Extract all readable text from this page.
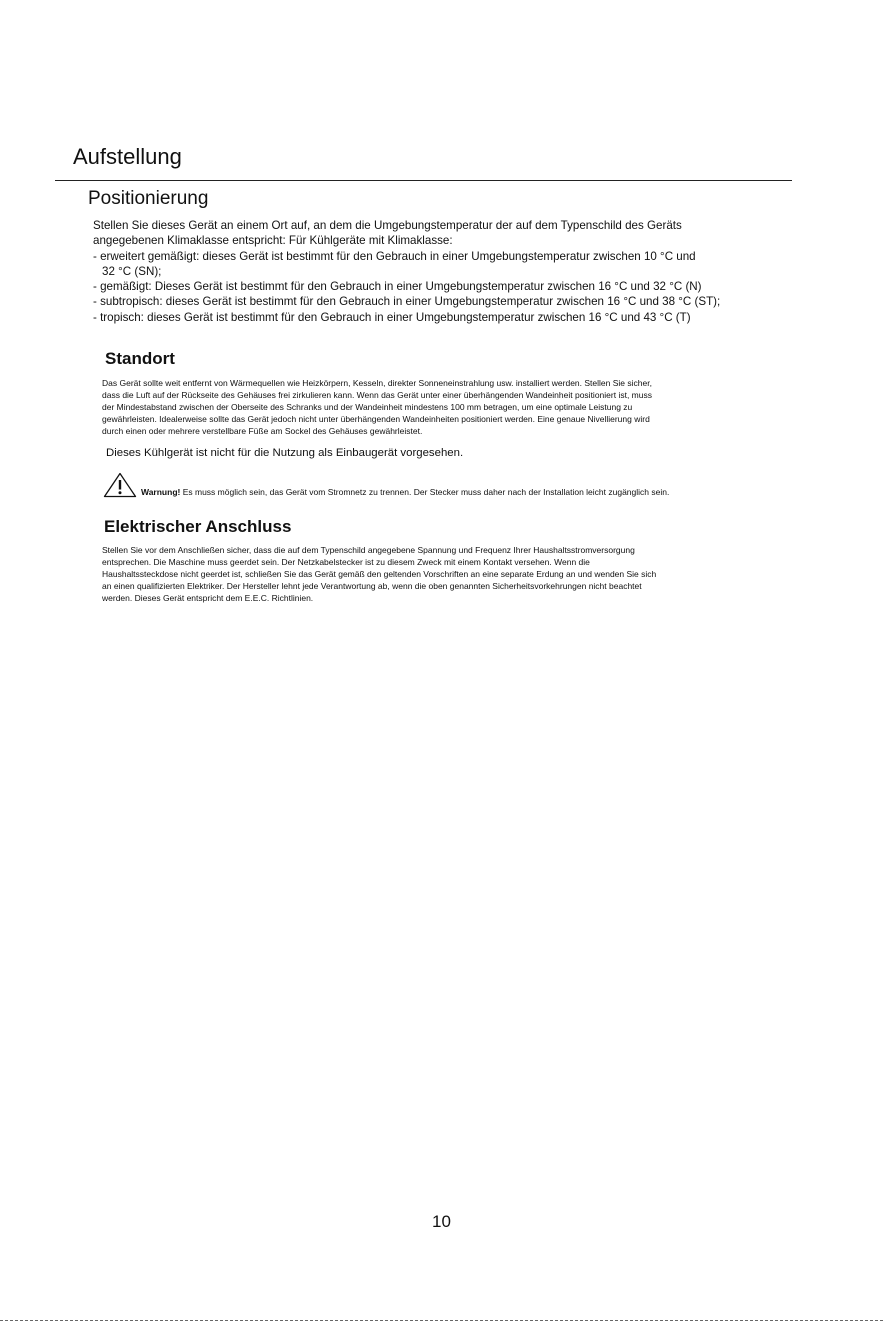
Aufstellung
Positionierung

Stellen Sie dieses Gerät an einem Ort auf, an dem die Umgebungstemperatur der auf dem Typenschild des Geräts

angegebenen Klimaklasse entspricht: Für Kühlgeräte mit Klimaklasse:

- erweitert gemäßigt: dieses Gerät ist bestimmt für den Gebrauch in einer Umgebungstemperatur zwischen 10 °C und 32 °C (SN);

- gemäßigt: Dieses Gerät ist bestimmt für den Gebrauch in einer Umgebungstemperatur zwischen 16 °C und 32 °C (N)

- subtropisch: dieses Gerät ist bestimmt für den Gebrauch in einer Umgebungstemperatur zwischen 16 °C und 38 °C (ST);

- tropisch: dieses Gerät ist bestimmt für den Gebrauch in einer Umgebungstemperatur zwischen 16 °C und 43 °C (T)

Standort

Das Gerät sollte weit entfernt von Wärmequellen wie Heizkörpern, Kesseln, direkter Sonneneinstrahlung usw. installiert werden. Stellen Sie sicher,

dass die Luft auf der Rückseite des Gehäuses frei zirkulieren kann. Wenn das Gerät unter einer überhängenden Wandeinheit positioniert ist, muss

der Mindestabstand zwischen der Oberseite des Schranks und der Wandeinheit mindestens 100 mm betragen, um eine optimale Leistung zu

gewährleisten. Idealerweise sollte das Gerät jedoch nicht unter überhängenden Wandeinheiten positioniert werden. Eine genaue Nivellierung wird

durch einen oder mehrere verstellbare Füße am Sockel des Gehäuses gewährleistet.

Dieses Kühlgerät ist nicht für die Nutzung als Einbaugerät vorgesehen.
Warnung! Es muss möglich sein, das Gerät vom Stromnetz zu trennen. Der Stecker muss daher nach der Installation leicht zugänglich sein.
Elektrischer Anschluss

Stellen Sie vor dem Anschließen sicher, dass die auf dem Typenschild angegebene Spannung und Frequenz Ihrer Haushaltsstromversorgung

entsprechen. Die Maschine muss geerdet sein. Der Netzkabelstecker ist zu diesem Zweck mit einem Kontakt versehen. Wenn die

Haushaltssteckdose nicht geerdet ist, schließen Sie das Gerät gemäß den geltenden Vorschriften an eine separate Erdung an und wenden Sie sich

an einen qualifizierten Elektriker. Der Hersteller lehnt jede Verantwortung ab, wenn die oben genannten Sicherheitsvorkehrungen nicht beachtet

werden. Dieses Gerät entspricht dem E.E.C. Richtlinien.

10
